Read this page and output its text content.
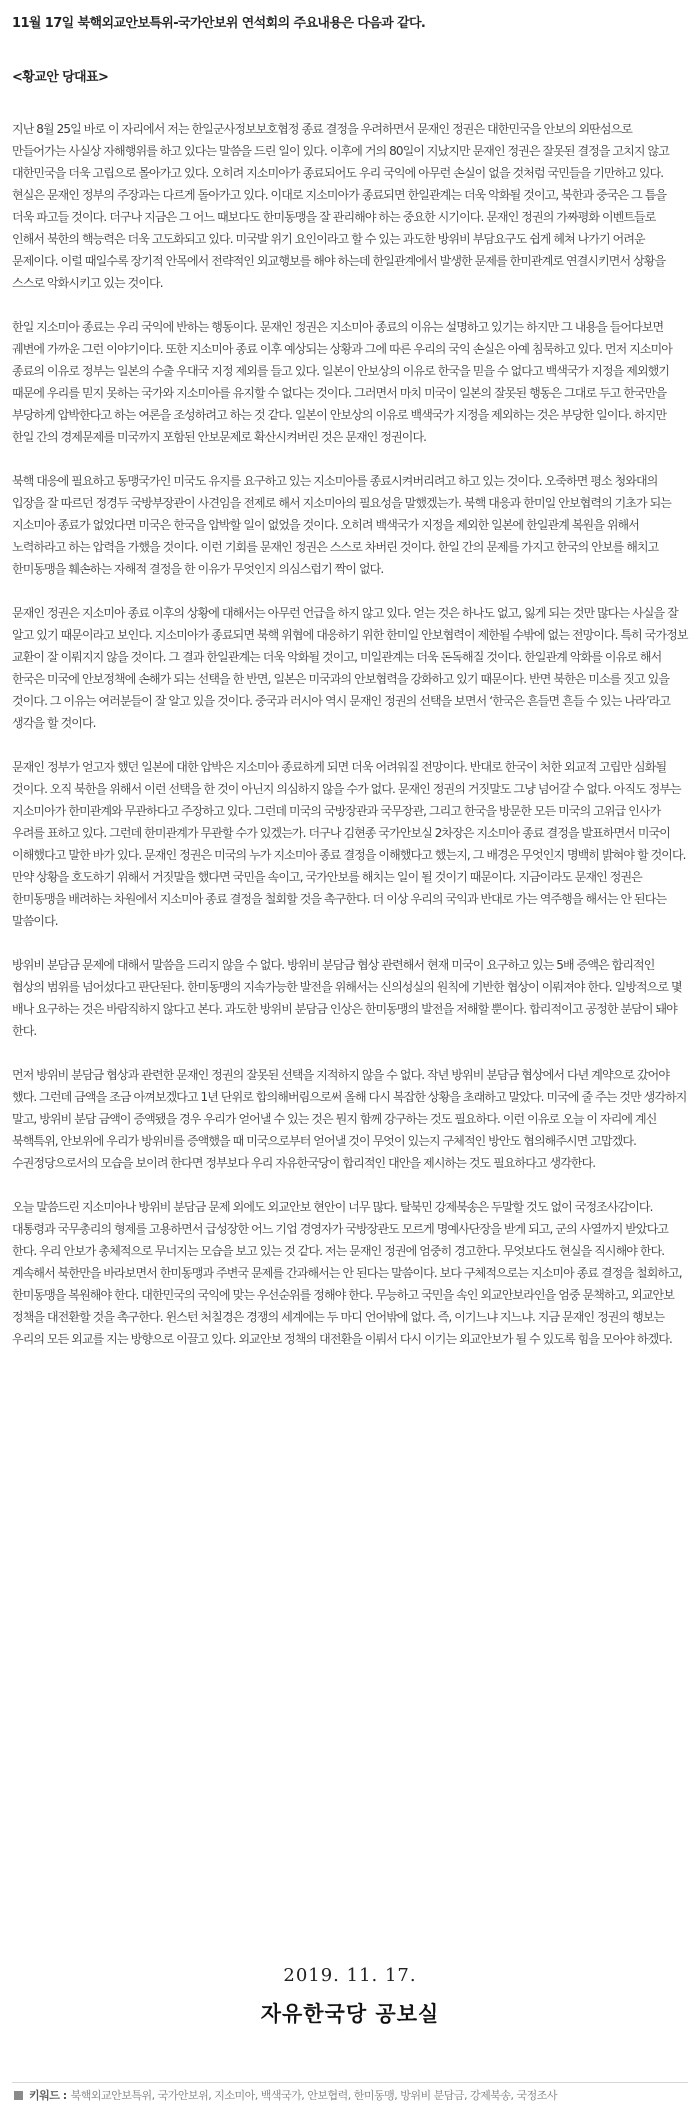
11월 17일 북핵외교안보특위-국가안보위 연석회의 주요내용은 다음과 같다.
<황교안 당대표>

지난 8월 25일 바로 이 자리에서 저는 한일군사정보보호협정 종료 결정을 우려하면서 문재인 정권은 대한민국을 안보의 외딴섬으로 만들어가는 사실상 자해행위를 하고 있다는 말씀을 드린 일이 있다. 이후에 거의 80일이 지났지만 문재인 정권은 잘못된 결정을 고치지 않고 대한민국을 더욱 고립으로 몰아가고 있다. 오히려 지소미아가 종료되어도 우리 국익에 아무런 손실이 없을 것처럼 국민들을 기만하고 있다. 현실은 문재인 정부의 주장과는 다르게 돌아가고 있다. 이대로 지소미아가 종료되면 한일관계는 더욱 악화될 것이고, 북한과 중국은 그 틈을 더욱 파고들 것이다. 더구나 지금은 그 어느 때보다도 한미동맹을 잘 관리해야 하는 중요한 시기이다. 문재인 정권의 가짜평화 이벤트들로 인해서 북한의 핵능력은 더욱 고도화되고 있다. 미국발 위기 요인이라고 할 수 있는 과도한 방위비 부담요구도 쉽게 헤쳐 나가기 어려운 문제이다. 이럴 때일수록 장기적 안목에서 전략적인 외교행보를 해야 하는데 한일관계에서 발생한 문제를 한미관계로 연결시키면서 상황을 스스로 악화시키고 있는 것이다.

한일 지소미아 종료는 우리 국익에 반하는 행동이다. 문재인 정권은 지소미아 종료의 이유는 설명하고 있기는 하지만 그 내용을 들어다보면 궤변에 가까운 그런 이야기이다. 또한 지소미아 종료 이후 예상되는 상황과 그에 따른 우리의 국익 손실은 아예 침묵하고 있다. 먼저 지소미아 종료의 이유로 정부는 일본의 수출 우대국 지정 제외를 들고 있다. 일본이 안보상의 이유로 한국을 믿을 수 없다고 백색국가 지정을 제외했기 때문에 우리를 믿지 못하는 국가와 지소미아를 유지할 수 없다는 것이다. 그러면서 마치 미국이 일본의 잘못된 행동은 그대로 두고 한국만을 부당하게 압박한다고 하는 여론을 조성하려고 하는 것 같다. 일본이 안보상의 이유로 백색국가 지정을 제외하는 것은 부당한 일이다. 하지만 한일 간의 경제문제를 미국까지 포함된 안보문제로 확산시켜버린 것은 문재인 정권이다.

북핵 대응에 필요하고 동맹국가인 미국도 유지를 요구하고 있는 지소미아를 종료시켜버리려고 하고 있는 것이다. 오죽하면 평소 청와대의 입장을 잘 따르던 정경두 국방부장관이 사견임을 전제로 해서 지소미아의 필요성을 말했겠는가. 북핵 대응과 한미일 안보협력의 기초가 되는 지소미아 종료가 없었다면 미국은 한국을 압박할 일이 없었을 것이다. 오히려 백색국가 지정을 제외한 일본에 한일관계 복원을 위해서 노력하라고 하는 압력을 가했을 것이다. 이런 기회를 문재인 정권은 스스로 차버린 것이다. 한일 간의 문제를 가지고 한국의 안보를 해치고 한미동맹을 훼손하는 자해적 결정을 한 이유가 무엇인지 의심스럽기 짝이 없다.

문재인 정권은 지소미아 종료 이후의 상황에 대해서는 아무런 언급을 하지 않고 있다. 얻는 것은 하나도 없고, 잃게 되는 것만 많다는 사실을 잘 알고 있기 때문이라고 보인다. 지소미아가 종료되면 북핵 위협에 대응하기 위한 한미일 안보협력이 제한될 수밖에 없는 전망이다. 특히 국가정보 교환이 잘 이뤄지지 않을 것이다. 그 결과 한일관계는 더욱 악화될 것이고, 미일관계는 더욱 돈독해질 것이다. 한일관계 악화를 이유로 해서 한국은 미국에 안보정책에 손해가 되는 선택을 한 반면, 일본은 미국과의 안보협력을 강화하고 있기 때문이다. 반면 북한은 미소를 짓고 있을 것이다. 그 이유는 여러분들이 잘 알고 있을 것이다. 중국과 러시아 역시 문재인 정권의 선택을 보면서 ‘한국은 흔들면 흔들 수 있는 나라’라고 생각을 할 것이다.

문재인 정부가 얻고자 했던 일본에 대한 압박은 지소미아 종료하게 되면 더욱 어려워질 전망이다. 반대로 한국이 처한 외교적 고립만 심화될 것이다. 오직 북한을 위해서 이런 선택을 한 것이 아닌지 의심하지 않을 수가 없다. 문재인 정권의 거짓말도 그냥 넘어갈 수 없다. 아직도 정부는 지소미아가 한미관계와 무관하다고 주장하고 있다. 그런데 미국의 국방장관과 국무장관, 그리고 한국을 방문한 모든 미국의 고위급 인사가 우려를 표하고 있다. 그런데 한미관계가 무관할 수가 있겠는가. 더구나 김현종 국가안보실 2차장은 지소미아 종료 결정을 발표하면서 미국이 이해했다고 말한 바가 있다. 문재인 정권은 미국의 누가 지소미아 종료 결정을 이해했다고 했는지, 그 배경은 무엇인지 명백히 밝혀야 할 것이다. 만약 상황을 호도하기 위해서 거짓말을 했다면 국민을 속이고, 국가안보를 해치는 일이 될 것이기 때문이다. 지금이라도 문재인 정권은 한미동맹을 배려하는 차원에서 지소미아 종료 결정을 철회할 것을 촉구한다. 더 이상 우리의 국익과 반대로 가는 역주행을 해서는 안 된다는 말씀이다.

방위비 분담금 문제에 대해서 말씀을 드리지 않을 수 없다. 방위비 분담금 협상 관련해서 현재 미국이 요구하고 있는 5배 증액은 합리적인 협상의 범위를 넘어섰다고 판단된다. 한미동맹의 지속가능한 발전을 위해서는 신의성실의 원칙에 기반한 협상이 이뤄져야 한다. 일방적으로 몇 배나 요구하는 것은 바람직하지 않다고 본다. 과도한 방위비 분담금 인상은 한미동맹의 발전을 저해할 뿐이다. 합리적이고 공정한 분담이 돼야 한다.

먼저 방위비 분담금 협상과 관련한 문재인 정권의 잘못된 선택을 지적하지 않을 수 없다. 작년 방위비 분담금 협상에서 다년 계약으로 갔어야 했다. 그런데 금액을 조금 아껴보겠다고 1년 단위로 합의해버림으로써 올해 다시 복잡한 상황을 초래하고 말았다. 미국에 줄 주는 것만 생각하지 말고, 방위비 분담 금액이 증액됐을 경우 우리가 얻어낼 수 있는 것은 뭔지 함께 강구하는 것도 필요하다. 이런 이유로 오늘 이 자리에 계신 북핵특위, 안보위에 우리가 방위비를 증액했을 때 미국으로부터 얻어낼 것이 무엇이 있는지 구체적인 방안도 협의해주시면 고맙겠다. 수권정당으로서의 모습을 보이려 한다면 정부보다 우리 자유한국당이 합리적인 대안을 제시하는 것도 필요하다고 생각한다.

오늘 말씀드린 지소미아나 방위비 분담금 문제 외에도 외교안보 현안이 너무 많다. 탈북민 강제북송은 두말할 것도 없이 국정조사감이다. 대통령과 국무총리의 형제를 고용하면서 급성장한 어느 기업 경영자가 국방장관도 모르게 명예사단장을 받게 되고, 군의 사열까지 받았다고 한다. 우리 안보가 총체적으로 무너지는 모습을 보고 있는 것 같다. 저는 문재인 정권에 엄중히 경고한다. 무엇보다도 현실을 직시해야 한다. 계속해서 북한만을 바라보면서 한미동맹과 주변국 문제를 간과해서는 안 된다는 말씀이다. 보다 구체적으로는 지소미아 종료 결정을 철회하고, 한미동맹을 복원해야 한다. 대한민국의 국익에 맞는 우선순위를 정해야 한다. 무능하고 국민을 속인 외교안보라인을 엄중 문책하고, 외교안보 정책을 대전환할 것을 촉구한다. 윈스턴 처칠경은 경쟁의 세계에는 두 마디 언어밖에 없다. 즉, 이기느냐 지느냐. 지금 문재인 정권의 행보는 우리의 모든 외교를 지는 방향으로 이끌고 있다. 외교안보 정책의 대전환을 이뤄서 다시 이기는 외교안보가 될 수 있도록 힘을 모아야 하겠다.

2019. 11. 17.
자유한국당 공보실
키워드 : 북핵외교안보특위, 국가안보위, 지소미아, 백색국가, 안보협력, 한미동맹, 방위비 분담금, 강제북송, 국정조사
